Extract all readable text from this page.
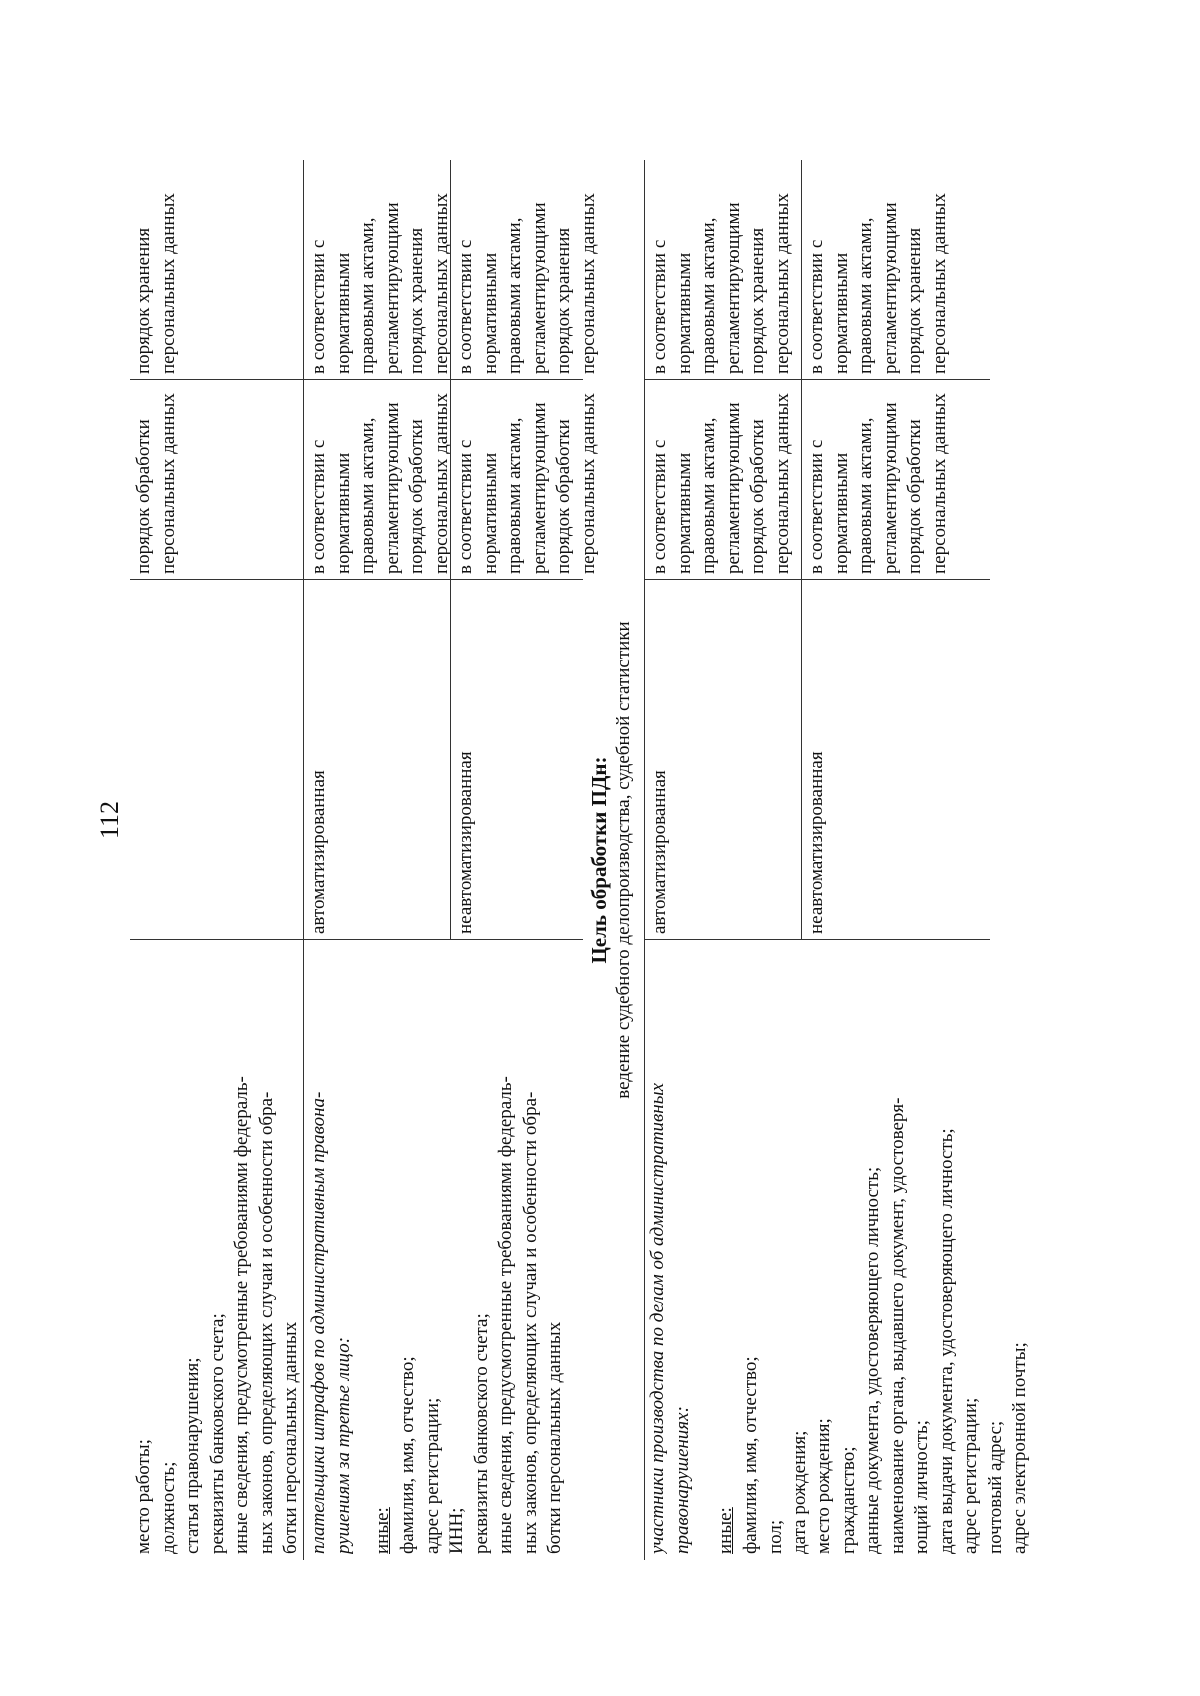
112
место работы; должность; статья правонарушения; реквизиты банковского счета; иные сведения, предусмотренные требованиями федераль- ных законов, определяющих случаи и особенности обра- ботки персональных данных
порядок обработки персональных данных
порядок хранения персональных данных
плательщики штрафов по административным правона- рушениям за третье лицо: иные: фамилия, имя, отчество; адрес регистрации;
автоматизированная
в соответствии с нормативными правовыми актами, регламентирующими порядок обработки персональных данных
в соответствии с нормативными правовыми актами, регламентирующими порядок хранения персональных данных
ИНН; реквизиты банковского счета; иные сведения, предусмотренные требованиями федераль- ных законов, определяющих случаи и особенности обра- ботки персональных данных
неавтоматизированная
в соответствии с нормативными правовыми актами, регламентирующими порядок обработки персональных данных
в соответствии с нормативными правовыми актами, регламентирующими порядок хранения персональных данных
Цель обработки ПДн: ведение судебного делопроизводства, судебной статистики
участники производства по делам об административных правонарушениях: иные: фамилия, имя, отчество; пол; дата рождения;
автоматизированная
в соответствии с нормативными правовыми актами, регламентирующими порядок обработки персональных данных
в соответствии с нормативными правовыми актами, регламентирующими порядок хранения персональных данных
место рождения; гражданство; данные документа, удостоверяющего личность; наименование органа, выдавшего документ, удостоверя- ющий личность; дата выдачи документа, удостоверяющего личность; адрес регистрации; почтовый адрес; адрес электронной почты;
неавтоматизированная
в соответствии с нормативными правовыми актами, регламентирующими порядок обработки персональных данных
в соответствии с нормативными правовыми актами, регламентирующими порядок хранения персональных данных
